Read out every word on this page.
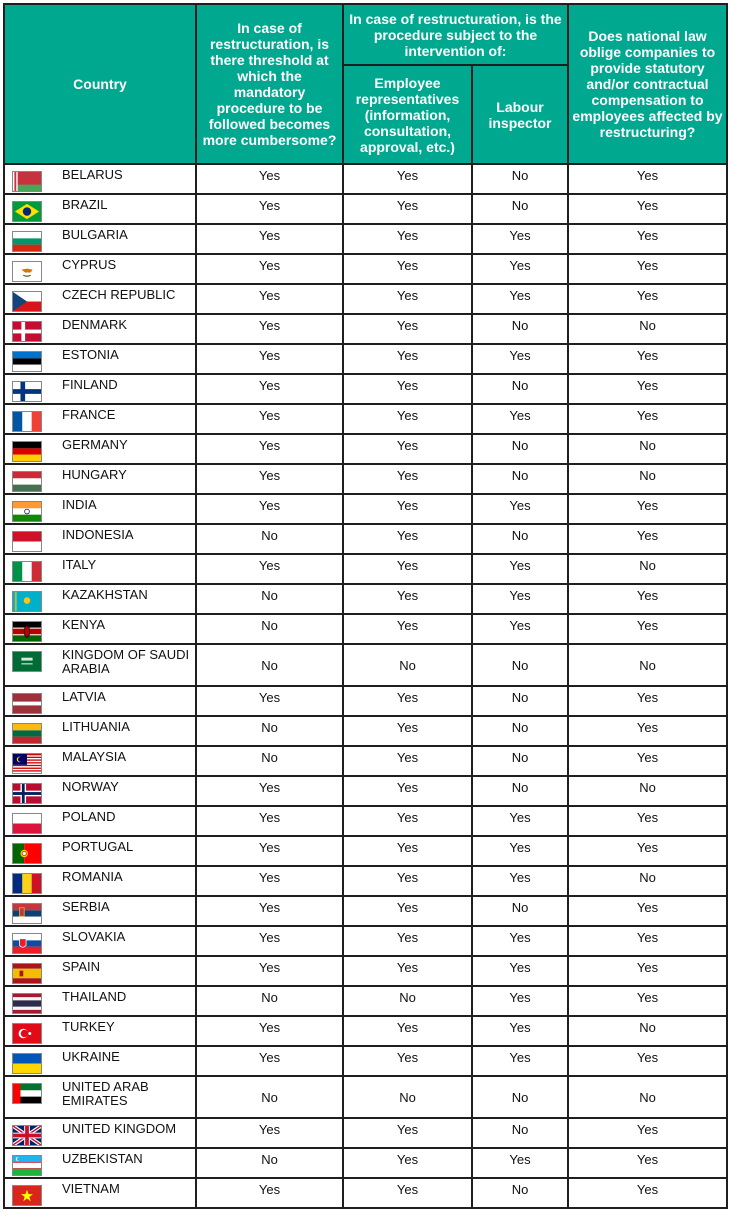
Country	In case of restructuration, is there threshold at which the mandatory procedure to be followed becomes more cumbersome?	In case of restructuration, is the procedure subject to the intervention of:		Does national law oblige companies to provide statutory and/or contractual compensation to employees affected by restructuring?
		Employee representatives (information, consultation, approval, etc.)	Labour inspector	

BELARUS	Yes	Yes	No	Yes

BRAZIL	Yes	Yes	No	Yes

BULGARIA	Yes	Yes	Yes	Yes

CYPRUS	Yes	Yes	Yes	Yes

CZECH REPUBLIC	Yes	Yes	Yes	Yes

DENMARK	Yes	Yes	No	No

ESTONIA	Yes	Yes	Yes	Yes

FINLAND	Yes	Yes	No	Yes

FRANCE	Yes	Yes	Yes	Yes

GERMANY	Yes	Yes	No	No

HUNGARY	Yes	Yes	No	No

INDIA	Yes	Yes	Yes	Yes

INDONESIA	No	Yes	No	Yes

ITALY	Yes	Yes	Yes	No

KAZAKHSTAN	No	Yes	Yes	Yes

KENYA	No	Yes	Yes	Yes

KINGDOM OF SAUDI ARABIA	No	No	No	No

LATVIA	Yes	Yes	No	Yes

LITHUANIA	No	Yes	No	Yes

MALAYSIA	No	Yes	No	Yes

NORWAY	Yes	Yes	No	No

POLAND	Yes	Yes	Yes	Yes

PORTUGAL	Yes	Yes	Yes	Yes

ROMANIA	Yes	Yes	Yes	No

SERBIA	Yes	Yes	No	Yes

SLOVAKIA	Yes	Yes	Yes	Yes

SPAIN	Yes	Yes	Yes	Yes

THAILAND	No	No	Yes	Yes

TURKEY	Yes	Yes	Yes	No

UKRAINE	Yes	Yes	Yes	Yes

UNITED ARAB EMIRATES	No	No	No	No

UNITED KINGDOM	Yes	Yes	No	Yes

UZBEKISTAN	No	Yes	Yes	Yes

VIETNAM	Yes	Yes	No	Yes
